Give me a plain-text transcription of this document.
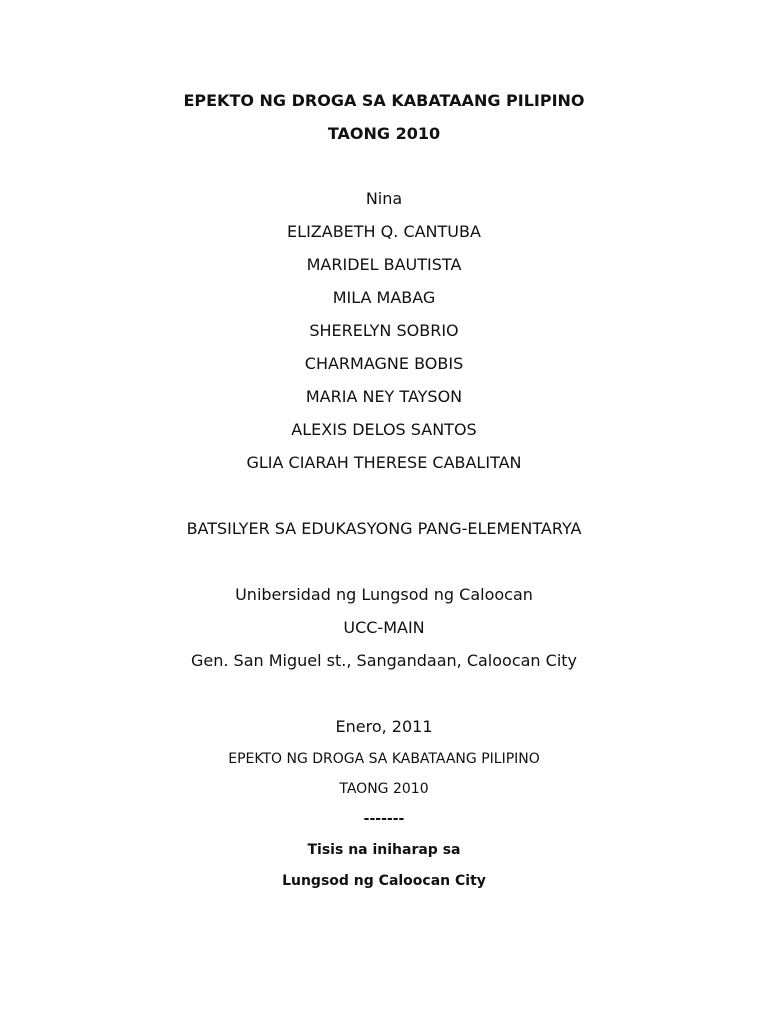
EPEKTO NG DROGA SA KABATAANG PILIPINO
TAONG 2010
Nina
ELIZABETH Q. CANTUBA
MARIDEL BAUTISTA
MILA MABAG
SHERELYN SOBRIO
CHARMAGNE BOBIS
MARIA NEY TAYSON
ALEXIS DELOS SANTOS
GLIA CIARAH THERESE CABALITAN
BATSILYER SA EDUKASYONG PANG-ELEMENTARYA
Unibersidad ng Lungsod ng Caloocan
UCC-MAIN
Gen. San Miguel st., Sangandaan, Caloocan City
Enero, 2011
EPEKTO NG DROGA SA KABATAANG PILIPINO
TAONG 2010
-------
Tisis na iniharap sa
Lungsod ng Caloocan City
